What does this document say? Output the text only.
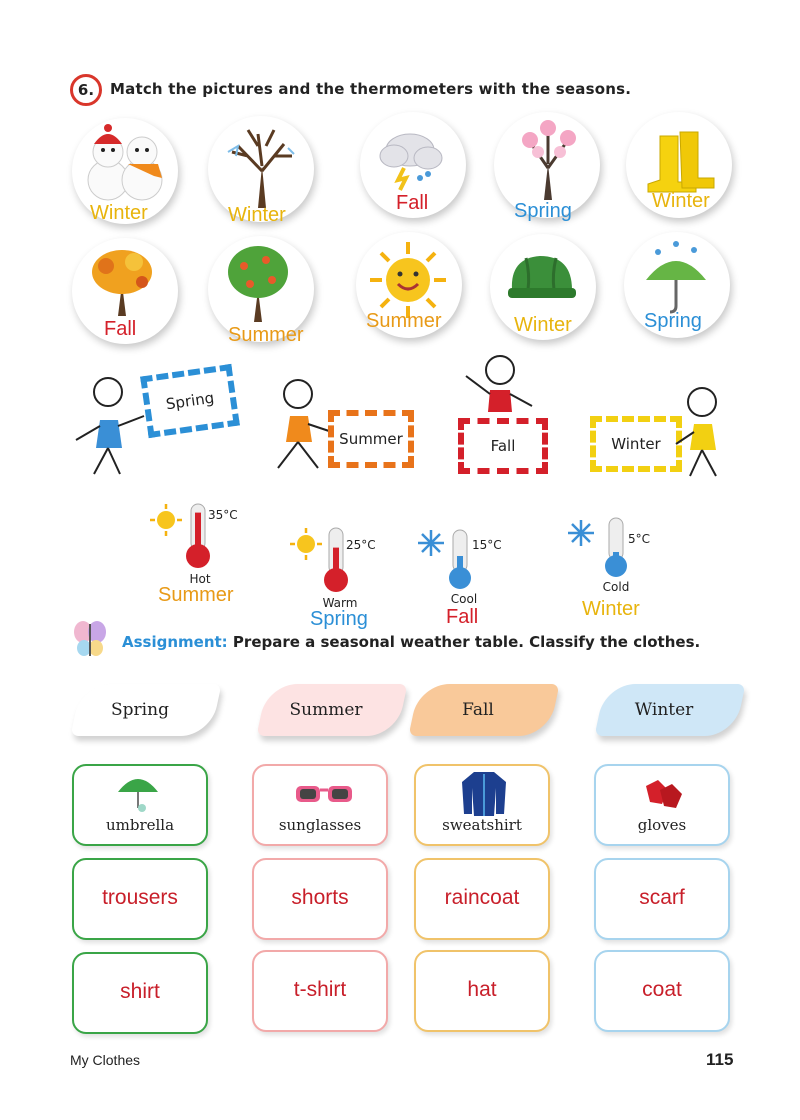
6.	Match the pictures and the thermometers with the seasons.
Winter	Winter
Fall	Spring	Winter
Fall	Summer
Summer	Winter	Spring
Spring
Summer	Fall	Winter
35°C
Hot
Summer
25°C
Warm
Spring
15°C
Cool
Fall
5°C
Cold
Winter
Assignment: Prepare a seasonal weather table. Classify the clothes.
Spring	Summer	Fall	Winter
umbrella	sunglasses	sweatshirt	gloves
trousers	shorts	raincoat	scarf
shirt	t-shirt	hat	coat
My Clothes	115
